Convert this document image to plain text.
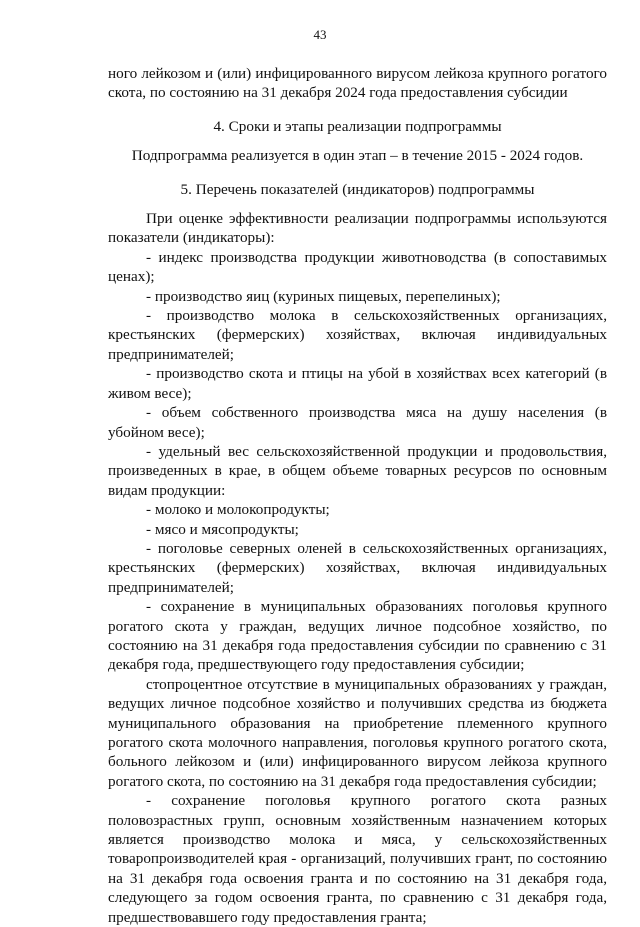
43

ного лейкозом и (или) инфицированного вирусом лейкоза крупного рогатого скота, по состоянию на 31 декабря 2024 года предоставления субсидии

4. Сроки и этапы реализации подпрограммы

Подпрограмма реализуется в один этап – в течение 2015 - 2024 годов.

5. Перечень показателей (индикаторов) подпрограммы

При оценке эффективности реализации подпрограммы используются показатели (индикаторы):

- индекс производства продукции животноводства (в сопоставимых ценах);

- производство яиц (куриных пищевых, перепелиных);

- производство молока в сельскохозяйственных организациях, крестьянских (фермерских) хозяйствах, включая индивидуальных предпринимателей;

- производство скота и птицы на убой в хозяйствах всех категорий (в живом весе);

- объем собственного производства мяса на душу населения (в убойном весе);

- удельный вес сельскохозяйственной продукции и продовольствия, произведенных в крае, в общем объеме товарных ресурсов по основным видам продукции:

- молоко и молокопродукты;

- мясо и мясопродукты;

- поголовье северных оленей в сельскохозяйственных организациях, крестьянских (фермерских) хозяйствах, включая индивидуальных предпринимателей;

- сохранение в муниципальных образованиях поголовья крупного рогатого скота у граждан, ведущих личное подсобное хозяйство, по состоянию на 31 декабря года предоставления субсидии по сравнению с 31 декабря года, предшествующего году предоставления субсидии;

стопроцентное отсутствие в муниципальных образованиях у граждан, ведущих личное подсобное хозяйство и получивших средства из бюджета муниципального образования на приобретение племенного крупного рогатого скота молочного направления, поголовья крупного рогатого скота, больного лейкозом и (или) инфицированного вирусом лейкоза крупного рогатого скота, по состоянию на 31 декабря года предоставления субсидии;

- сохранение поголовья крупного рогатого скота разных половозрастных групп, основным хозяйственным назначением которых является производство молока и мяса, у сельскохозяйственных товаропроизводителей края - организаций, получивших грант, по состоянию на 31 декабря года освоения гранта и по состоянию на 31 декабря года, следующего за годом освоения гранта, по сравнению с 31 декабря года, предшествовавшего году предоставления гранта;
